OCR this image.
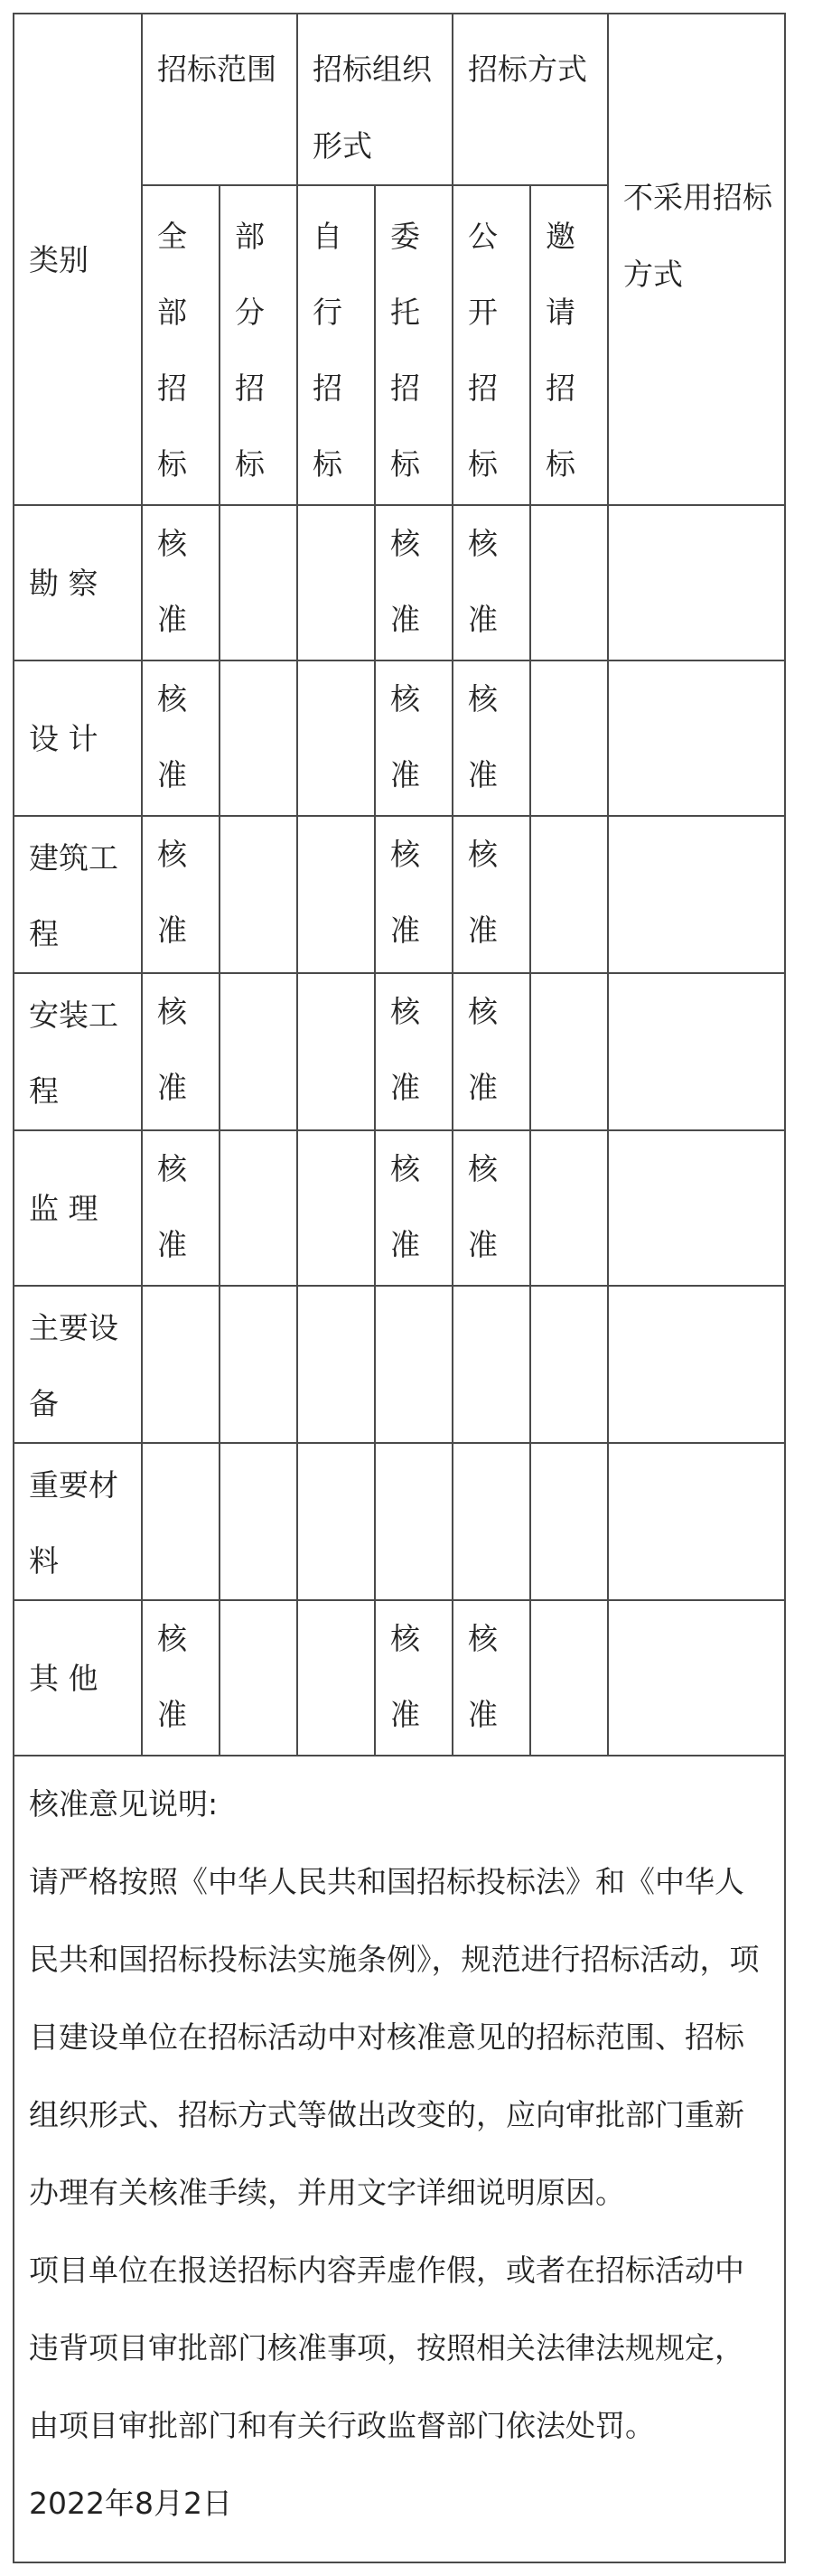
类别	招标范围		招标组织形式		招标方式		不采用招标方式

	全部招标	部分招标	自行招标	委托招标	公开招标	邀请招标	

勘 察	核准			核准	核准		

设 计	核准			核准	核准		

建筑工程	核准			核准	核准		

安装工程	核准			核准	核准		

监 理	核准			核准	核准		

主要设备	

重要材料	

其 他	核准			核准	核准		

核准意见说明:

请严格按照《中华人民共和国招标投标法》和《中华人民共和国招标投标法实施条例》，规范进行招标活动，项目建设单位在招标活动中对核准意见的招标范围、招标组织形式、招标方式等做出改变的，应向审批部门重新办理有关核准手续，并用文字详细说明原因。

项目单位在报送招标内容弄虚作假，或者在招标活动中违背项目审批部门核准事项，按照相关法律法规规定，由项目审批部门和有关行政监督部门依法处罚。

2022年8月2日
